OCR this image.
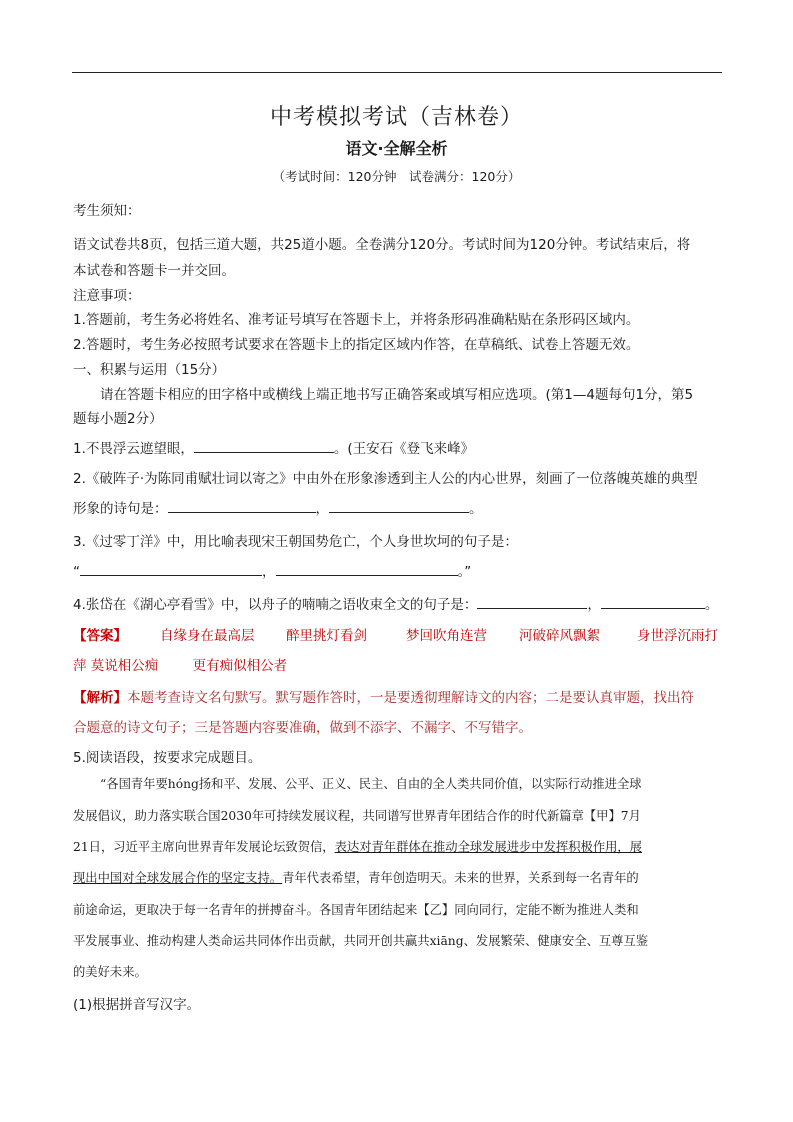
中考模拟考试（吉林卷）
语文·全解全析
（考试时间：120分钟　试卷满分：120分）
考生须知：
语文试卷共8页，包括三道大题，共25道小题。全卷满分120分。考试时间为120分钟。考试结束后，将
本试卷和答题卡一并交回。
注意事项：
1.答题前，考生务必将姓名、准考证号填写在答题卡上，并将条形码准确粘贴在条形码区域内。
2.答题时，考生务必按照考试要求在答题卡上的指定区域内作答，在草稿纸、试卷上答题无效。
一、积累与运用（15分）
请在答题卡相应的田字格中或横线上端正地书写正确答案或填写相应选项。(第1—4题每句1分，第5
题每小题2分）
1.不畏浮云遮望眼，	。(王安石《登飞来峰》
2.《破阵子·为陈同甫赋壮词以寄之》中由外在形象渗透到主人公的内心世界，刻画了一位落魄英雄的典型
形象的诗句是：	，	。
3.《过零丁洋》中，用比喻表现宋王朝国势危亡，个人身世坎坷的句子是：
“	，	。”
4.张岱在《湖心亭看雪》中，以舟子的喃喃之语收束全文的句子是：	，	。
【答案】 自缘身在最高层 醉里挑灯看剑	梦回吹角连营 河破碎风飘絮	身世浮沉雨打
萍 莫说相公痴	更有痴似相公者
【解析】本题考查诗文名句默写。默写题作答时，一是要透彻理解诗文的内容；二是要认真审题，找出符
合题意的诗文句子；三是答题内容要准确，做到不添字、不漏字、不写错字。
5.阅读语段，按要求完成题目。
“各国青年要hóng扬和平、发展、公平、正义、民主、自由的全人类共同价值，以实际行动推进全球
发展倡议，助力落实联合国2030年可持续发展议程，共同谱写世界青年团结合作的时代新篇章【甲】7月
21日，习近平主席向世界青年发展论坛致贺信，表达对青年群体在推动全球发展进步中发挥积极作用，展
现出中国对全球发展合作的坚定支持。青年代表希望，青年创造明天。未来的世界，关系到每一名青年的
前途命运，更取决于每一名青年的拼搏奋斗。各国青年团结起来【乙】同向同行，定能不断为推进人类和
平发展事业、推动构建人类命运共同体作出贡献，共同开创共赢共xiāng、发展繁荣、健康安全、互尊互鉴
的美好未来。
(1)根据拼音写汉字。
